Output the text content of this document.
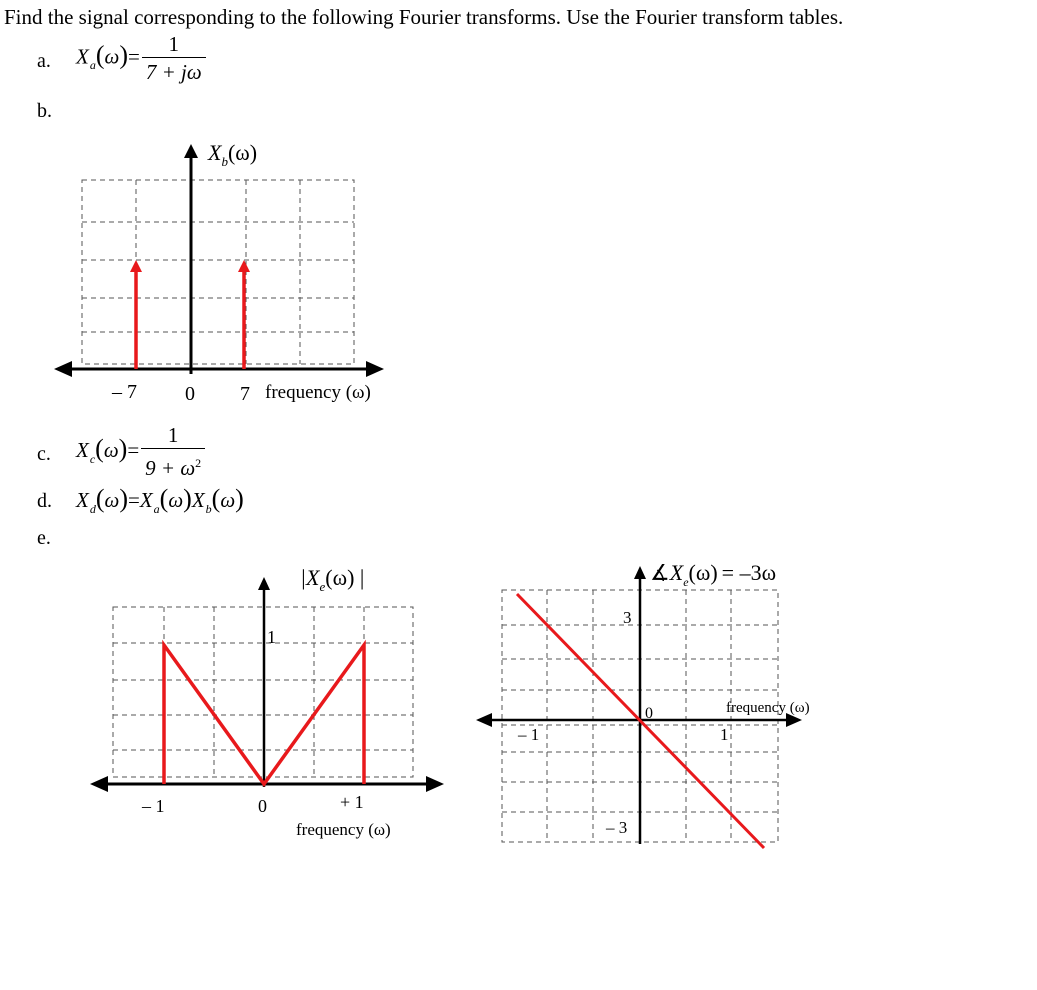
Find the signal corresponding to the following Fourier transforms. Use the Fourier transform tables.
a. $X_a(\omega)= \frac{1}{7 + j\omega}$
b.
$X_b(\omega)$
– 7 0 7 frequency (ω)
c. $X_c(\omega)= \frac{1}{9 + \omega^2}$
d. $X_d(\omega)=X_a(\omega)X_b(\omega)$
e.
$|X_e(\omega)$ |
1
– 1	0	+ 1
frequency (ω)
$∡X_e(\omega) = -3\omega$
3
– 3
0
– 1	1
frequency (ω)
